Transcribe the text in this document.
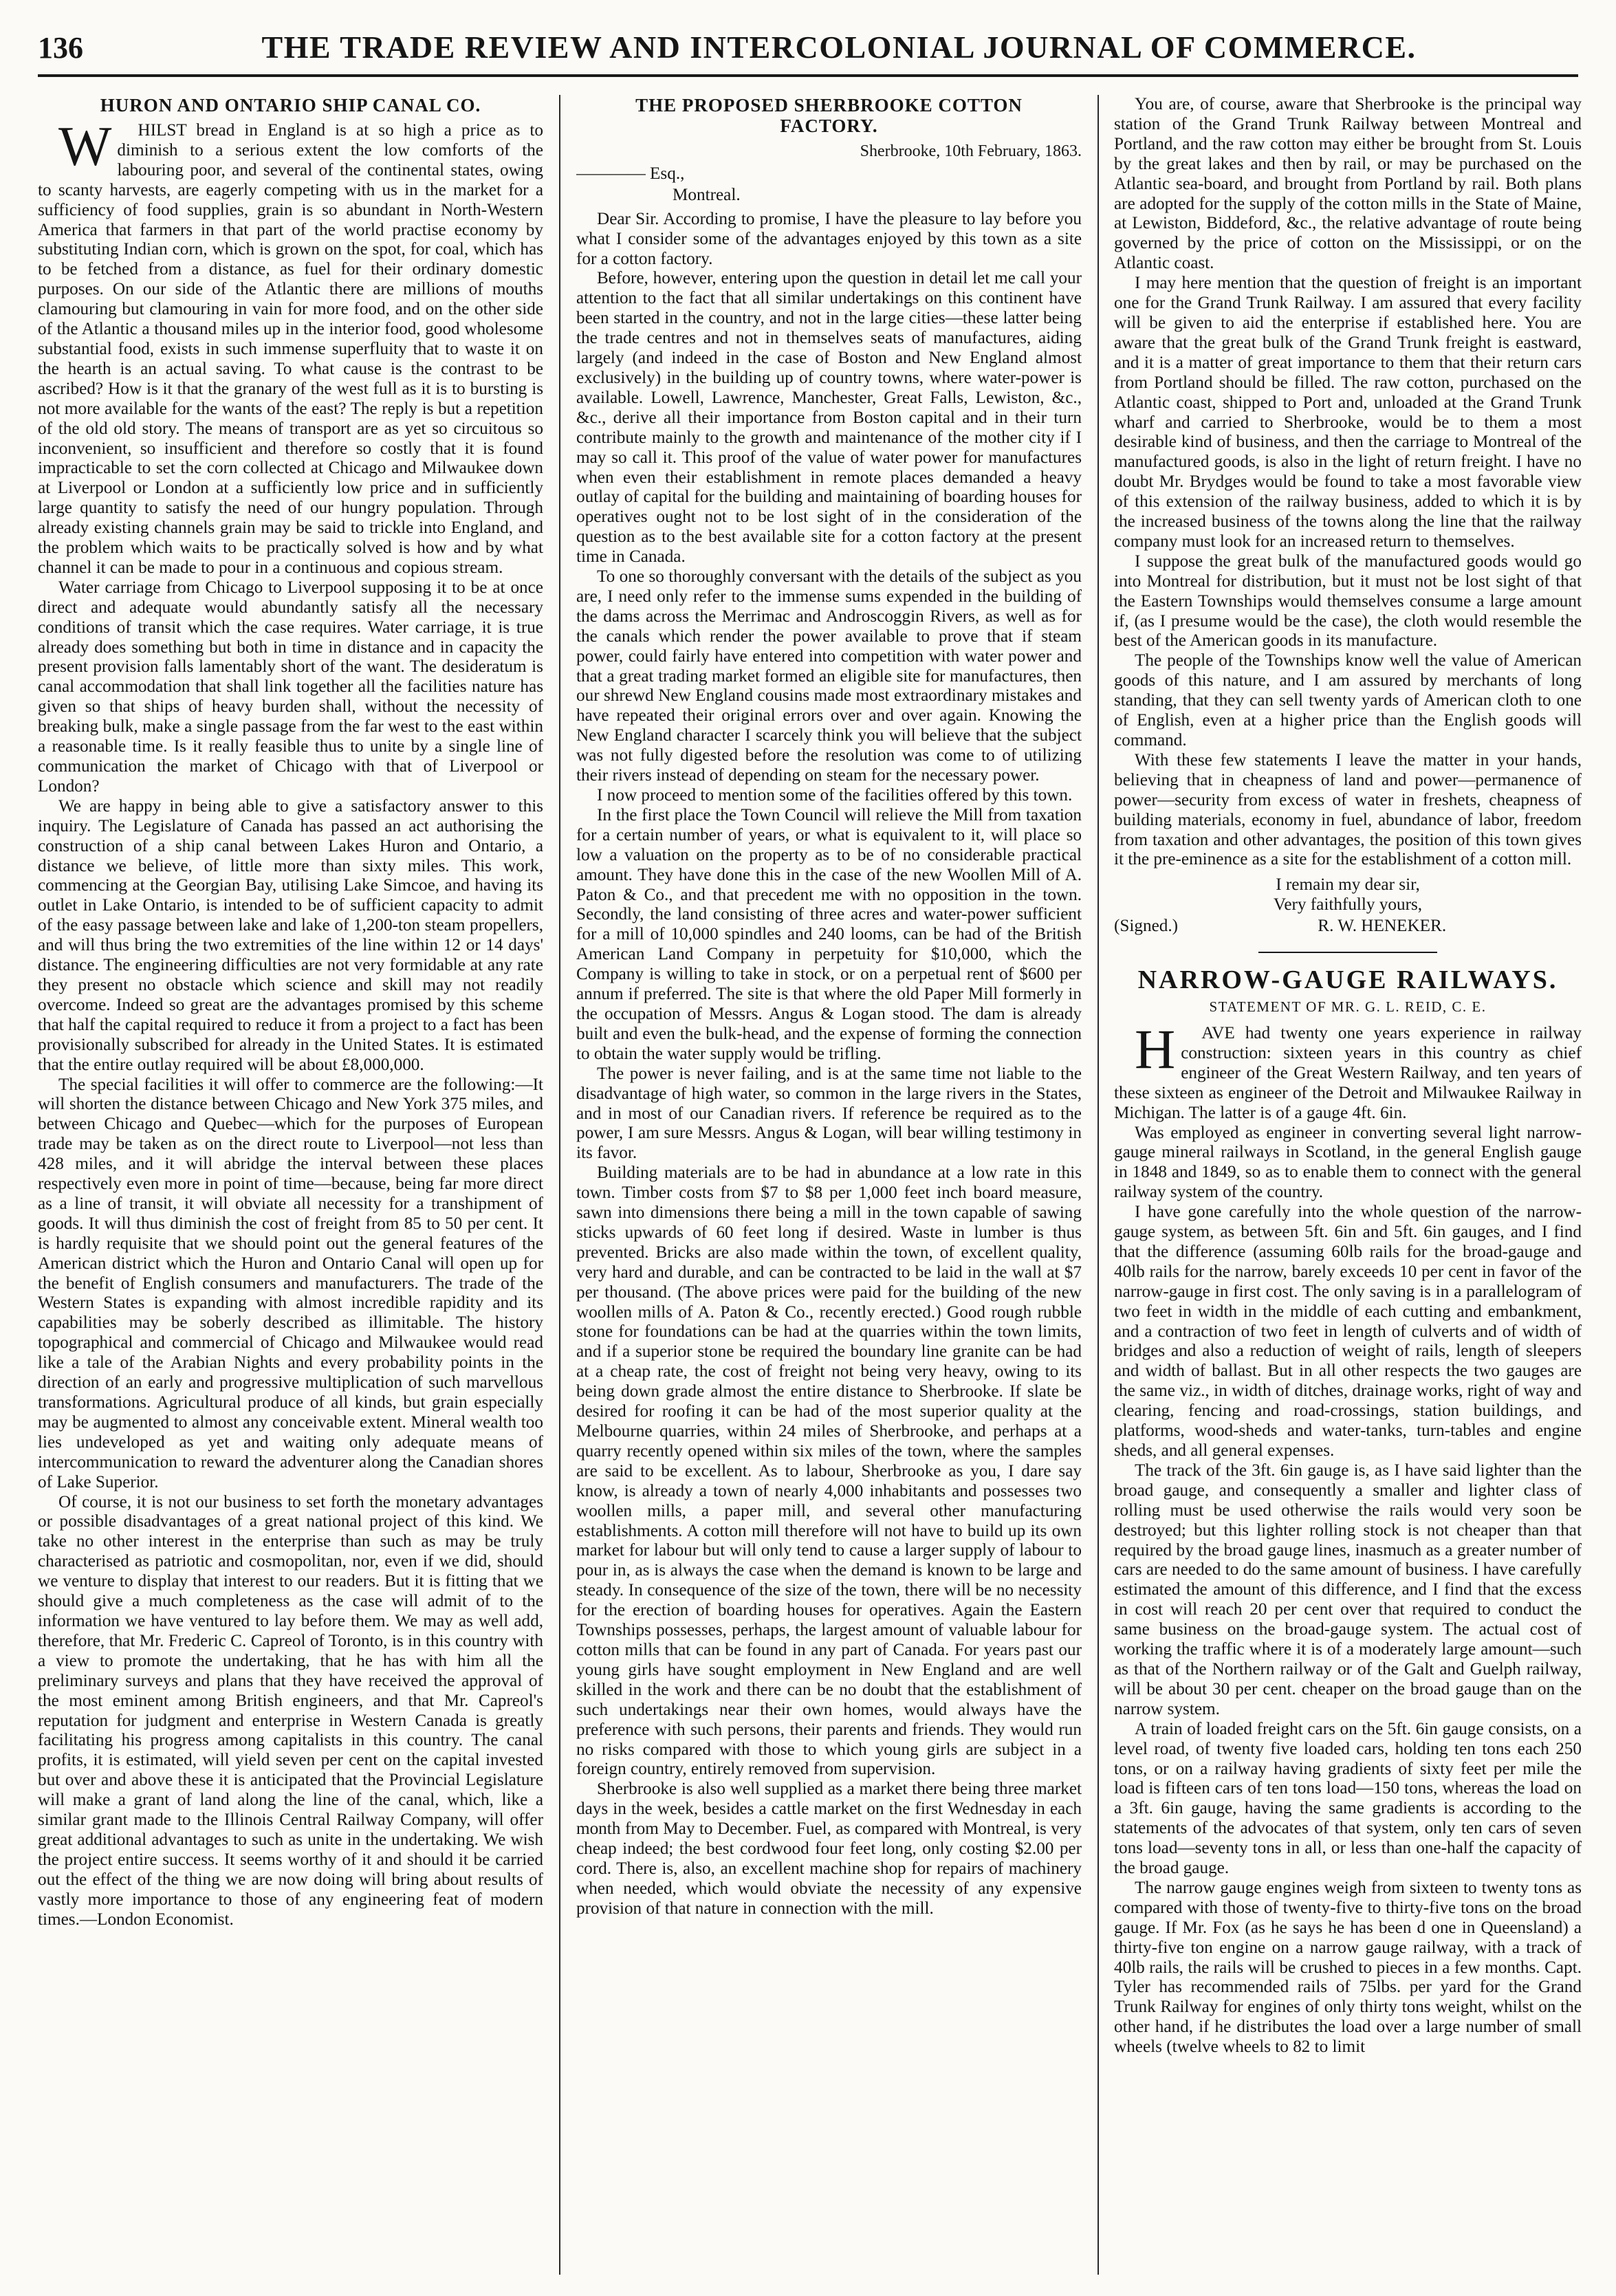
136	THE TRADE REVIEW AND INTERCOLONIAL JOURNAL OF COMMERCE.
HURON AND ONTARIO SHIP CANAL CO.

W HILST bread in England is at so high a price as to diminish to a serious extent the low comforts of the labouring poor, and several of the continental states, owing to scanty harvests, are eagerly competing with us in the market for a sufficiency of food supplies, grain is so abundant in North-Western America that farmers in that part of the world practise economy by substituting Indian corn, which is grown on the spot, for coal, which has to be fetched from a distance, as fuel for their ordinary domestic purposes. On our side of the Atlantic there are millions of mouths clamouring but clamouring in vain for more food, and on the other side of the Atlantic a thousand miles up in the interior food, good wholesome substantial food, exists in such immense superfluity that to waste it on the hearth is an actual saving. To what cause is the contrast to be ascribed? How is it that the granary of the west full as it is to bursting is not more available for the wants of the east? The reply is but a repetition of the old old story. The means of transport are as yet so circuitous so inconvenient, so insufficient and therefore so costly that it is found impracticable to set the corn collected at Chicago and Milwaukee down at Liverpool or London at a sufficiently low price and in sufficiently large quantity to satisfy the need of our hungry population. Through already existing channels grain may be said to trickle into England, and the problem which waits to be practically solved is how and by what channel it can be made to pour in a continuous and copious stream.

Water carriage from Chicago to Liverpool supposing it to be at once direct and adequate would abundantly satisfy all the necessary conditions of transit which the case requires. Water carriage, it is true already does something but both in time in distance and in capacity the present provision falls lamentably short of the want. The desideratum is canal accommodation that shall link together all the facilities nature has given so that ships of heavy burden shall, without the necessity of breaking bulk, make a single passage from the far west to the east within a reasonable time. Is it really feasible thus to unite by a single line of communication the market of Chicago with that of Liverpool or London?

We are happy in being able to give a satisfactory answer to this inquiry. The Legislature of Canada has passed an act authorising the construction of a ship canal between Lakes Huron and Ontario, a distance we believe, of little more than sixty miles. This work, commencing at the Georgian Bay, utilising Lake Simcoe, and having its outlet in Lake Ontario, is intended to be of sufficient capacity to admit of the easy passage between lake and lake of 1,200-ton steam propellers, and will thus bring the two extremities of the line within 12 or 14 days' distance. The engineering difficulties are not very formidable at any rate they present no obstacle which science and skill may not readily overcome. Indeed so great are the advantages promised by this scheme that half the capital required to reduce it from a project to a fact has been provisionally subscribed for already in the United States. It is estimated that the entire outlay required will be about £8,000,000.

The special facilities it will offer to commerce are the following:—It will shorten the distance between Chicago and New York 375 miles, and between Chicago and Quebec—which for the purposes of European trade may be taken as on the direct route to Liverpool—not less than 428 miles, and it will abridge the interval between these places respectively even more in point of time—because, being far more direct as a line of transit, it will obviate all necessity for a transhipment of goods. It will thus diminish the cost of freight from 85 to 50 per cent. It is hardly requisite that we should point out the general features of the American district which the Huron and Ontario Canal will open up for the benefit of English consumers and manufacturers. The trade of the Western States is expanding with almost incredible rapidity and its capabilities may be soberly described as illimitable. The history topographical and commercial of Chicago and Milwaukee would read like a tale of the Arabian Nights and every probability points in the direction of an early and progressive multiplication of such marvellous transformations. Agricultural produce of all kinds, but grain especially may be augmented to almost any conceivable extent. Mineral wealth too lies undeveloped as yet and waiting only adequate means of intercommunication to reward the adventurer along the Canadian shores of Lake Superior.

Of course, it is not our business to set forth the monetary advantages or possible disadvantages of a great national project of this kind. We take no other interest in the enterprise than such as may be truly characterised as patriotic and cosmopolitan, nor, even if we did, should we venture to display that interest to our readers. But it is fitting that we should give a much completeness as the case will admit of to the information we have ventured to lay before them. We may as well add, therefore, that Mr. Frederic C. Capreol of Toronto, is in this country with a view to promote the undertaking, that he has with him all the preliminary surveys and plans that they have received the approval of the most eminent among British engineers, and that Mr. Capreol's reputation for judgment and enterprise in Western Canada is greatly facilitating his progress among capitalists in this country. The canal profits, it is estimated, will yield seven per cent on the capital invested but over and above these it is anticipated that the Provincial Legislature will make a grant of land along the line of the canal, which, like a similar grant made to the Illinois Central Railway Company, will offer great additional advantages to such as unite in the undertaking. We wish the project entire success. It seems worthy of it and should it be carried out the effect of the thing we are now doing will bring about results of vastly more importance to those of any engineering feat of modern times.—London Economist.

THE PROPOSED SHERBROOKE COTTON
FACTORY.
Sherbrooke, 10th February, 1863.
———— Esq.,
Montreal.

Dear Sir. According to promise, I have the pleasure to lay before you what I consider some of the advantages enjoyed by this town as a site for a cotton factory.

Before, however, entering upon the question in detail let me call your attention to the fact that all similar undertakings on this continent have been started in the country, and not in the large cities—these latter being the trade centres and not in themselves seats of manufactures, aiding largely (and indeed in the case of Boston and New England almost exclusively) in the building up of country towns, where water-power is available. Lowell, Lawrence, Manchester, Great Falls, Lewiston, &c., &c., derive all their importance from Boston capital and in their turn contribute mainly to the growth and maintenance of the mother city if I may so call it. This proof of the value of water power for manufactures when even their establishment in remote places demanded a heavy outlay of capital for the building and maintaining of boarding houses for operatives ought not to be lost sight of in the consideration of the question as to the best available site for a cotton factory at the present time in Canada.

To one so thoroughly conversant with the details of the subject as you are, I need only refer to the immense sums expended in the building of the dams across the Merrimac and Androscoggin Rivers, as well as for the canals which render the power available to prove that if steam power, could fairly have entered into competition with water power and that a great trading market formed an eligible site for manufactures, then our shrewd New England cousins made most extraordinary mistakes and have repeated their original errors over and over again. Knowing the New England character I scarcely think you will believe that the subject was not fully digested before the resolution was come to of utilizing their rivers instead of depending on steam for the necessary power.

I now proceed to mention some of the facilities offered by this town.

In the first place the Town Council will relieve the Mill from taxation for a certain number of years, or what is equivalent to it, will place so low a valuation on the property as to be of no considerable practical amount. They have done this in the case of the new Woollen Mill of A. Paton & Co., and that precedent me with no opposition in the town. Secondly, the land consisting of three acres and water-power sufficient for a mill of 10,000 spindles and 240 looms, can be had of the British American Land Company in perpetuity for $10,000, which the Company is willing to take in stock, or on a perpetual rent of $600 per annum if preferred. The site is that where the old Paper Mill formerly in the occupation of Messrs. Angus & Logan stood. The dam is already built and even the bulk-head, and the expense of forming the connection to obtain the water supply would be trifling.

The power is never failing, and is at the same time not liable to the disadvantage of high water, so common in the large rivers in the States, and in most of our Canadian rivers. If reference be required as to the power, I am sure Messrs. Angus & Logan, will bear willing testimony in its favor.

Building materials are to be had in abundance at a low rate in this town. Timber costs from $7 to $8 per 1,000 feet inch board measure, sawn into dimensions there being a mill in the town capable of sawing sticks upwards of 60 feet long if desired. Waste in lumber is thus prevented. Bricks are also made within the town, of excellent quality, very hard and durable, and can be contracted to be laid in the wall at $7 per thousand. (The above prices were paid for the building of the new woollen mills of A. Paton & Co., recently erected.) Good rough rubble stone for foundations can be had at the quarries within the town limits, and if a superior stone be required the boundary line granite can be had at a cheap rate, the cost of freight not being very heavy, owing to its being down grade almost the entire distance to Sherbrooke. If slate be desired for roofing it can be had of the most superior quality at the Melbourne quarries, within 24 miles of Sherbrooke, and perhaps at a quarry recently opened within six miles of the town, where the samples are said to be excellent. As to labour, Sherbrooke as you, I dare say know, is already a town of nearly 4,000 inhabitants and possesses two woollen mills, a paper mill, and several other manufacturing establishments. A cotton mill therefore will not have to build up its own market for labour but will only tend to cause a larger supply of labour to pour in, as is always the case when the demand is known to be large and steady. In consequence of the size of the town, there will be no necessity for the erection of boarding houses for operatives. Again the Eastern Townships possesses, perhaps, the largest amount of valuable labour for cotton mills that can be found in any part of Canada. For years past our young girls have sought employment in New England and are well skilled in the work and there can be no doubt that the establishment of such undertakings near their own homes, would always have the preference with such persons, their parents and friends. They would run no risks compared with those to which young girls are subject in a foreign country, entirely removed from supervision.

Sherbrooke is also well supplied as a market there being three market days in the week, besides a cattle market on the first Wednesday in each month from May to December. Fuel, as compared with Montreal, is very cheap indeed; the best cordwood four feet long, only costing $2.00 per cord. There is, also, an excellent machine shop for repairs of machinery when needed, which would obviate the necessity of any expensive provision of that nature in connection with the mill.

You are, of course, aware that Sherbrooke is the principal way station of the Grand Trunk Railway between Montreal and Portland, and the raw cotton may either be brought from St. Louis by the great lakes and then by rail, or may be purchased on the Atlantic sea-board, and brought from Portland by rail. Both plans are adopted for the supply of the cotton mills in the State of Maine, at Lewiston, Biddeford, &c., the relative advantage of route being governed by the price of cotton on the Mississippi, or on the Atlantic coast.

I may here mention that the question of freight is an important one for the Grand Trunk Railway. I am assured that every facility will be given to aid the enterprise if established here. You are aware that the great bulk of the Grand Trunk freight is eastward, and it is a matter of great importance to them that their return cars from Portland should be filled. The raw cotton, purchased on the Atlantic coast, shipped to Port and, unloaded at the Grand Trunk wharf and carried to Sherbrooke, would be to them a most desirable kind of business, and then the carriage to Montreal of the manufactured goods, is also in the light of return freight. I have no doubt Mr. Brydges would be found to take a most favorable view of this extension of the railway business, added to which it is by the increased business of the towns along the line that the railway company must look for an increased return to themselves.

I suppose the great bulk of the manufactured goods would go into Montreal for distribution, but it must not be lost sight of that the Eastern Townships would themselves consume a large amount if, (as I presume would be the case), the cloth would resemble the best of the American goods in its manufacture.

The people of the Townships know well the value of American goods of this nature, and I am assured by merchants of long standing, that they can sell twenty yards of American cloth to one of English, even at a higher price than the English goods will command.

With these few statements I leave the matter in your hands, believing that in cheapness of land and power—permanence of power—security from excess of water in freshets, cheapness of building materials, economy in fuel, abundance of labor, freedom from taxation and other advantages, the position of this town gives it the pre-eminence as a site for the establishment of a cotton mill.

I remain my dear sir,
Very faithfully yours,
(Signed.)	R. W. HENEKER.
NARROW-GAUGE RAILWAYS.
STATEMENT OF MR. G. L. REID, C. E.

H AVE had twenty one years experience in railway construction: sixteen years in this country as chief engineer of the Great Western Railway, and ten years of these sixteen as engineer of the Detroit and Milwaukee Railway in Michigan. The latter is of a gauge 4ft. 6in.

Was employed as engineer in converting several light narrow-gauge mineral railways in Scotland, in the general English gauge in 1848 and 1849, so as to enable them to connect with the general railway system of the country.

I have gone carefully into the whole question of the narrow-gauge system, as between 5ft. 6in and 5ft. 6in gauges, and I find that the difference (assuming 60lb rails for the broad-gauge and 40lb rails for the narrow, barely exceeds 10 per cent in favor of the narrow-gauge in first cost. The only saving is in a parallelogram of two feet in width in the middle of each cutting and embankment, and a contraction of two feet in length of culverts and of width of bridges and also a reduction of weight of rails, length of sleepers and width of ballast. But in all other respects the two gauges are the same viz., in width of ditches, drainage works, right of way and clearing, fencing and road-crossings, station buildings, and platforms, wood-sheds and water-tanks, turn-tables and engine sheds, and all general expenses.

The track of the 3ft. 6in gauge is, as I have said lighter than the broad gauge, and consequently a smaller and lighter class of rolling must be used otherwise the rails would very soon be destroyed; but this lighter rolling stock is not cheaper than that required by the broad gauge lines, inasmuch as a greater number of cars are needed to do the same amount of business. I have carefully estimated the amount of this difference, and I find that the excess in cost will reach 20 per cent over that required to conduct the same business on the broad-gauge system. The actual cost of working the traffic where it is of a moderately large amount—such as that of the Northern railway or of the Galt and Guelph railway, will be about 30 per cent. cheaper on the broad gauge than on the narrow system.

A train of loaded freight cars on the 5ft. 6in gauge consists, on a level road, of twenty five loaded cars, holding ten tons each 250 tons, or on a railway having gradients of sixty feet per mile the load is fifteen cars of ten tons load—150 tons, whereas the load on a 3ft. 6in gauge, having the same gradients is according to the statements of the advocates of that system, only ten cars of seven tons load—seventy tons in all, or less than one-half the capacity of the broad gauge.

The narrow gauge engines weigh from sixteen to twenty tons as compared with those of twenty-five to thirty-five tons on the broad gauge. If Mr. Fox (as he says he has been d one in Queensland) a thirty-five ton engine on a narrow gauge railway, with a track of 40lb rails, the rails will be crushed to pieces in a few months. Capt. Tyler has recommended rails of 75lbs. per yard for the Grand Trunk Railway for engines of only thirty tons weight, whilst on the other hand, if he distributes the load over a large number of small wheels (twelve wheels to 82 to limit
